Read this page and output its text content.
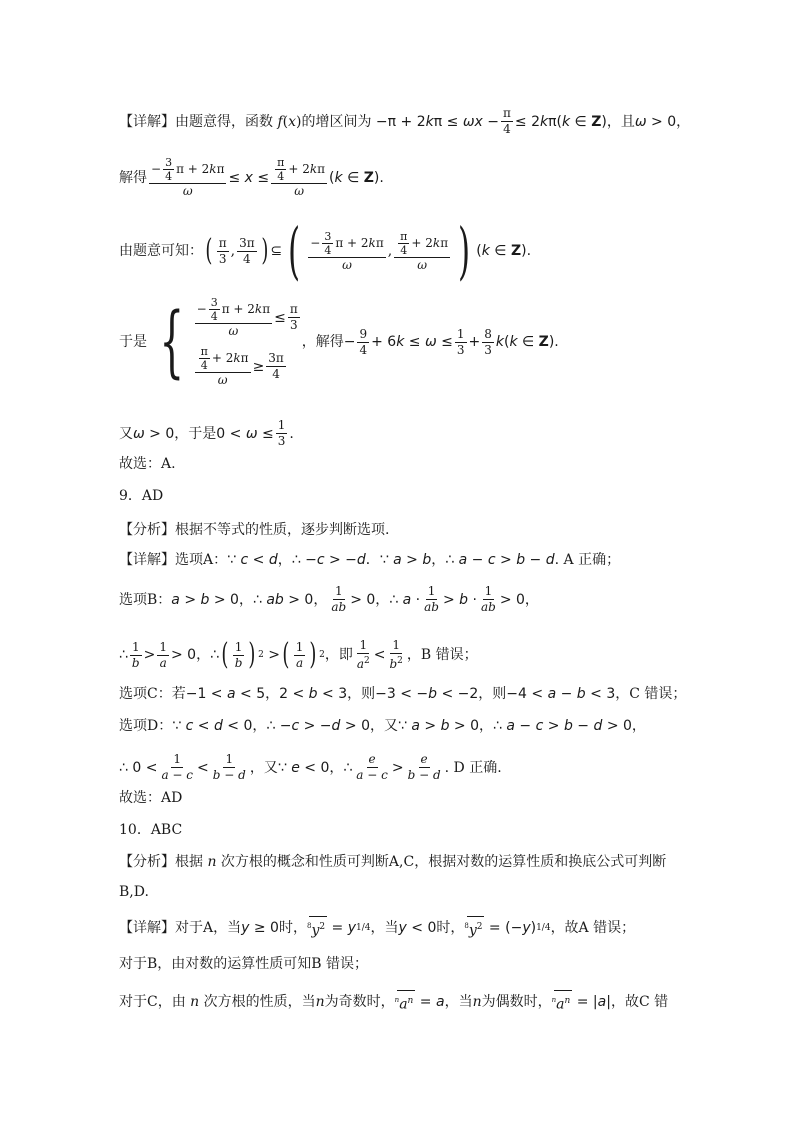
【详解】 由题意得，函数 f ( x ) 的增区间为 $-\pi + 2k\pi \le \omega x - \frac{\pi}{4} \le 2k\pi(k$ ∈ Z) ，且 ω > 0 ，
解得 $\frac{- \frac{3}{4} \pi + 2 k \pi}{\omega} \le x \le \frac{\frac{\pi}{4} + 2 k \pi}{\omega} (k$ ∈ Z).
由题意可知： ( $\frac{\pi}{3}$ , $\frac{3\pi}{4}$ ) ⊆ ( $\frac{- \frac{3}{4} \pi + 2 k \pi}{\omega}$ , $\frac{\frac{\pi}{4} + 2 k \pi}{\omega}$ ) (k ∈ Z).
于是 { $\frac{- \frac{3}{4} \pi + 2 k \pi}{\omega} \le \frac{\pi}{3}$
$\frac{\frac{\pi}{4} + 2 k \pi}{\omega} \ge \frac{3\pi}{4}$
，解得 − $\frac{9}{4} + 6k \le \omega \le \frac{1}{3} + \frac{8}{3} k(k$ ∈ Z).
又 ω > 0 ，于是 $0 < \omega \le \frac{1}{3}$ .
故选：A.
9．AD
【分析】 根据不等式的性质，逐步判断选项.
【详解】 选项A： ∵ c < d，∴ −c > −d．∵ a > b，∴ a − c > b − d . A 正确；
选项B： a > b > 0，∴ ab > 0， $\frac{1}{ab} > 0$，∴ $a \cdot \frac{1}{ab} > b \cdot \frac{1}{ab} > 0$，
∴ $\frac{1}{b} > \frac{1}{a} > 0$，∴ ( $\frac{1}{b}$ ) 2 > ( $\frac{1}{a}$ ) 2 ， 即 $\frac{1}{a^2} < \frac{1}{b^2}$ ，B 错误；
选项C：若 −1 < a < 5，2 < b < 3 ，则 −3 < −b < −2 ，则 −4 < a − b < 3 ，C 错误；
选项D： ∵ c < d < 0，∴ −c > −d > 0， 又 ∵ a > b > 0，∴ a − c > b − d > 0，
∴ $0 < \frac{1}{a - c} < \frac{1}{b - d}$ ， 又 ∵ e < 0，∴ $\frac{e}{a - c} > \frac{e}{b - d}$ . D 正确.
故选：AD
10．ABC
【分析】 根据 n 次方根的概念和性质可判断A,C，根据对数的运算性质和换底公式可判断
B,D.
【详解】 对于A，当 y ≥ 0 时， 8 $y^2 = y$ 1/4 ，当 y < 0 时， 8 $y^2 = (-y)$ 1/4 ，故A 错误；
对于B，由对数的运算性质可知B 错误；
对于C，由 n 次方根的性质，当 n 为奇数时， n $a^n = a$ ，当 n 为偶数时， n $a^n = |a|$ ，故C 错
